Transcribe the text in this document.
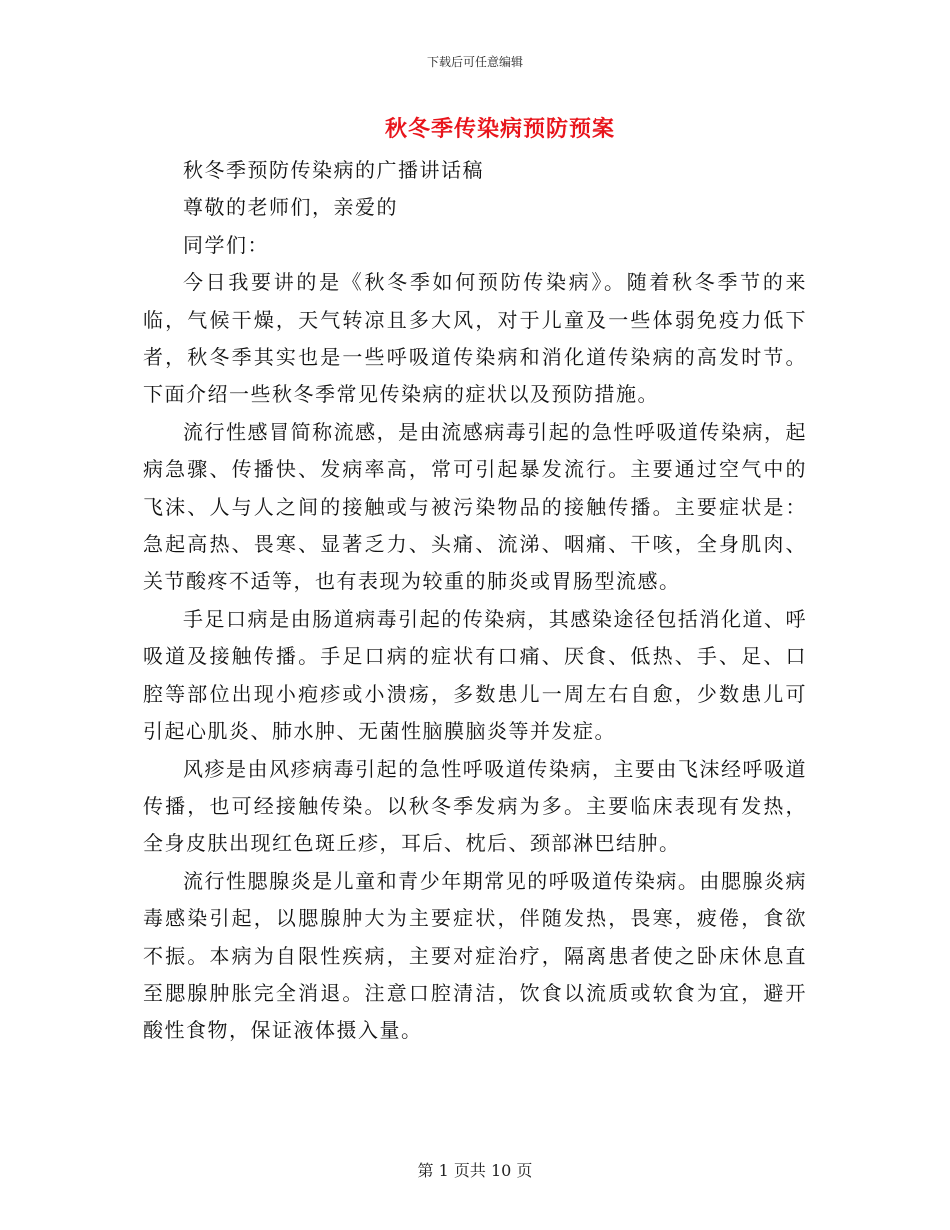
下载后可任意编辑
秋冬季传染病预防预案

秋冬季预防传染病的广播讲话稿

尊敬的老师们，亲爱的

同学们：

今日我要讲的是《秋冬季如何预防传染病》。随着秋冬季节的来临，气候干燥，天气转凉且多大风，对于儿童及一些体弱免疫力低下者，秋冬季其实也是一些呼吸道传染病和消化道传染病的高发时节。下面介绍一些秋冬季常见传染病的症状以及预防措施。

流行性感冒简称流感，是由流感病毒引起的急性呼吸道传染病，起病急骤、传播快、发病率高，常可引起暴发流行。主要通过空气中的飞沫、人与人之间的接触或与被污染物品的接触传播。主要症状是：急起高热、畏寒、显著乏力、头痛、流涕、咽痛、干咳，全身肌肉、关节酸疼不适等，也有表现为较重的肺炎或胃肠型流感。

手足口病是由肠道病毒引起的传染病，其感染途径包括消化道、呼吸道及接触传播。手足口病的症状有口痛、厌食、低热、手、足、口腔等部位出现小疱疹或小溃疡，多数患儿一周左右自愈，少数患儿可引起心肌炎、肺水肿、无菌性脑膜脑炎等并发症。

风疹是由风疹病毒引起的急性呼吸道传染病，主要由飞沫经呼吸道传播，也可经接触传染。以秋冬季发病为多。主要临床表现有发热，全身皮肤出现红色斑丘疹，耳后、枕后、颈部淋巴结肿。

流行性腮腺炎是儿童和青少年期常见的呼吸道传染病。由腮腺炎病毒感染引起，以腮腺肿大为主要症状，伴随发热，畏寒，疲倦，食欲不振。本病为自限性疾病，主要对症治疗，隔离患者使之卧床休息直至腮腺肿胀完全消退。注意口腔清洁，饮食以流质或软食为宜，避开酸性食物，保证液体摄入量。

第 1 页共 10 页
